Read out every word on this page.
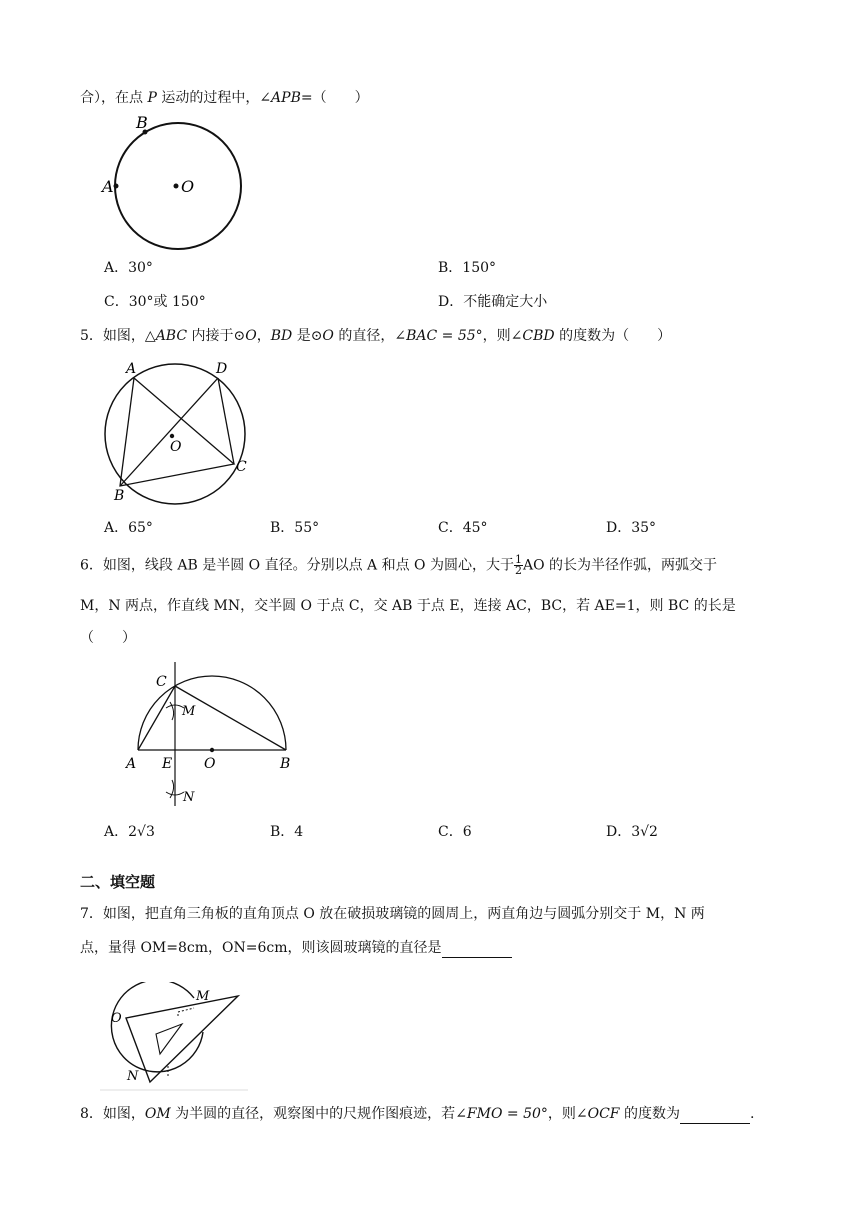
合），在点 P 运动的过程中，∠APB=（　　）
B
A	O
A．30°	B．150°
C．30°或 150°	D．不能确定大小
5．如图，△ABC 内接于⊙O，BD 是⊙O 的直径，∠BAC = 55°，则∠CBD 的度数为（　　）
A	D
C
B
O
A．65°	B．55°	C．45°	D．35°
6．如图，线段 AB 是半圆 O 直径。分别以点 A 和点 O 为圆心，大于 $\frac{1}{2}$ AO 的长为半径作弧，两弧交于
M，N 两点，作直线 MN，交半圆 O 于点 C，交 AB 于点 E，连接 AC，BC，若 AE=1，则 BC 的长是
（　　）
C
M
A E O	B
N
A．2√3	B．4	C．6	D．3√2
二、填空题
7．如图，把直角三角板的直角顶点 O 放在破损玻璃镜的圆周上，两直角边与圆弧分别交于 M，N 两
点，量得 OM=8cm，ON=6cm，则该圆玻璃镜的直径是
O
M
N
8．如图，OM 为半圆的直径，观察图中的尺规作图痕迹，若∠FMO = 50°，则∠OCF 的度数为	.
